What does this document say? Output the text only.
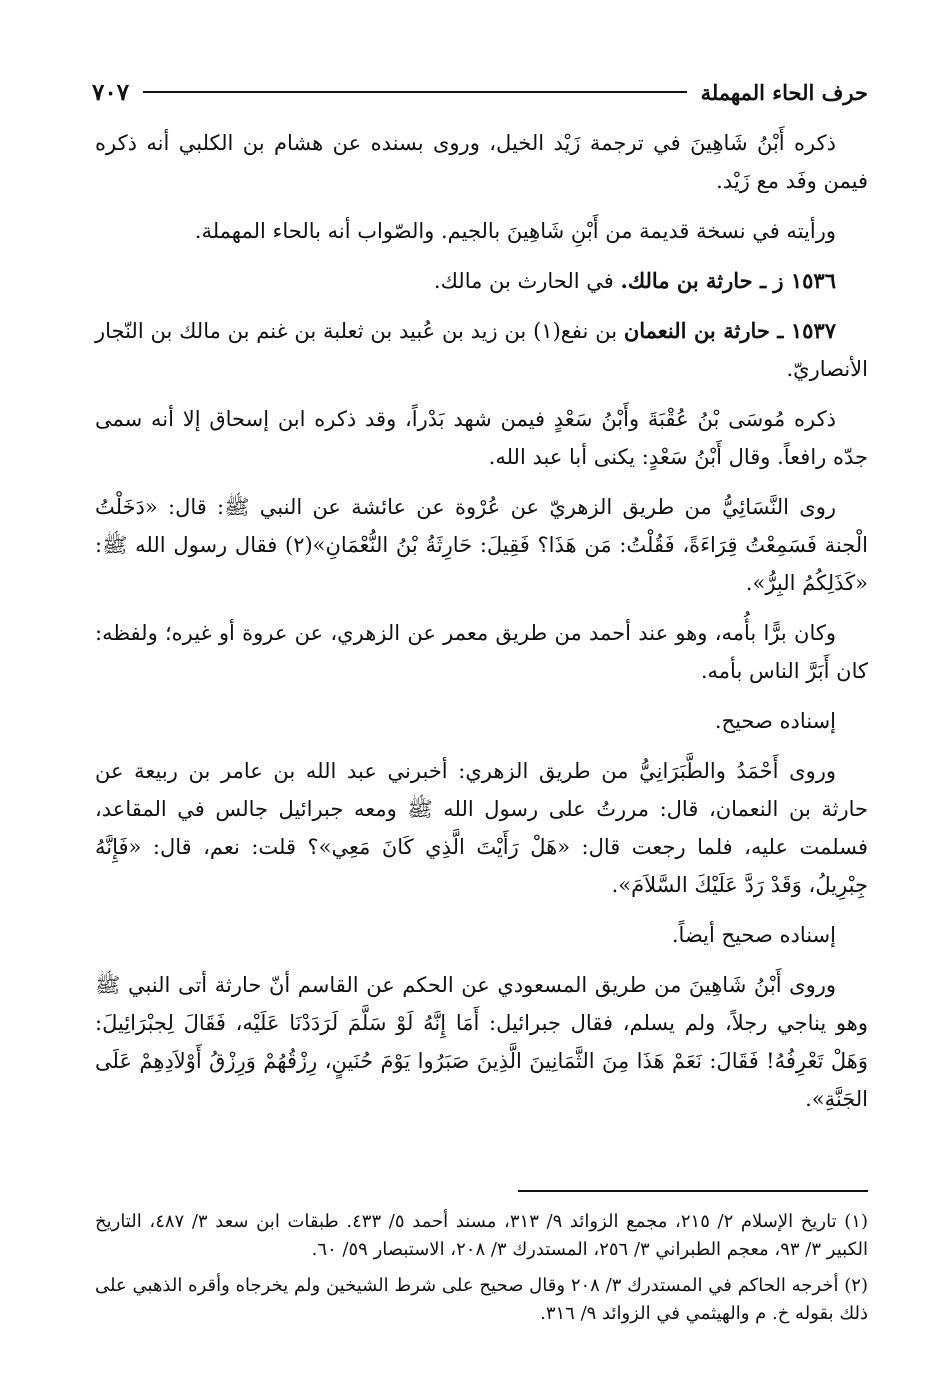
حرف الحاء المهملة
٧٠٧

ذكره أَبْنُ شَاهِينَ في ترجمة زَيْد الخيل، وروى بسنده عن هشام بن الكلبي أنه ذكره فيمن وفَد مع زَيْد.

ورأيته في نسخة قديمة من أَبْنِ شَاهِينَ بالجيم. والصّواب أنه بالحاء المهملة.

١٥٣٦ ز ـ حارثة بن مالك. في الحارث بن مالك.

١٥٣٧ ـ حارثة بن النعمان بن نفع(١) بن زيد بن عُبيد بن ثعلبة بن غنم بن مالك بن النّجار الأنصاريّ.

ذكره مُوسَى بْنُ عُقْبَةَ وأَبْنُ سَعْدٍ فيمن شهد بَدْراً، وقد ذكره ابن إسحاق إلا أنه سمى جدّه رافعاً. وقال أَبْنُ سَعْدٍ: يكنى أبا عبد الله.

روى النَّسَائِيُّ من طريق الزهريّ عن عُرْوة عن عائشة عن النبي ﷺ: قال: «دَخَلْتُ الْجنة فَسَمِعْتُ قِرَاءَةً، فَقُلْتُ: مَن هَذَا؟ فَقِيلَ: حَارِثَةُ بْنُ النُّعْمَانِ»(٢) فقال رسول الله ﷺ: «كَذَلِكُمُ البِرُّ».

وكان برًّا بأُمه، وهو عند أحمد من طريق معمر عن الزهري، عن عروة أو غيره؛ ولفظه: كان أَبَرَّ الناس بأمه.

إسناده صحيح.

وروى أَحْمَدُ والطَّبَرَانِيُّ من طريق الزهري: أخبرني عبد الله بن عامر بن ربيعة عن حارثة بن النعمان، قال: مررتُ على رسول الله ﷺ ومعه جبرائيل جالس في المقاعد، فسلمت عليه، فلما رجعت قال: «هَلْ رَأَيْتَ الَّذِي كَانَ مَعِي»؟ قلت: نعم، قال: «فَإِنَّهُ جِبْرِيلُ، وَقَدْ رَدَّ عَلَيْكَ السَّلاَمَ».

إسناده صحيح أيضاً.

وروى أَبْنُ شَاهِينَ من طريق المسعودي عن الحكم عن القاسم أنّ حارثة أتى النبي ﷺ وهو يناجي رجلاً، ولم يسلم، فقال جبرائيل: أَمَا إِنَّهُ لَوْ سَلَّمَ لَرَدَدْنَا عَلَيْه، فَقَالَ لِجبْرَائِيلَ: وَهَلْ تَعْرِفُهُ! فَقَالَ: نَعَمْ هَذَا مِنَ الثَّمَانِينَ الَّذِينَ صَبَرُوا يَوْمَ حُنَينٍ، رِزْقُهُمْ وَرِزْقُ أَوْلاَدِهِمْ عَلَى الجَنَّةِ».

(١) تاريخ الإسلام ٢/ ٢١٥، مجمع الزوائد ٩/ ٣١٣، مسند أحمد ٥/ ٤٣٣. طبقات ابن سعد ٣/ ٤٨٧، التاريخ الكبير ٣/ ٩٣، معجم الطبراني ٣/ ٢٥٦، المستدرك ٣/ ٢٠٨، الاستبصار ٥٩/ ٦٠.

(٢) أخرجه الحاكم في المستدرك ٣/ ٢٠٨ وقال صحيح على شرط الشيخين ولم يخرجاه وأقره الذهبي على ذلك بقوله خ. م والهيثمي في الزوائد ٩/ ٣١٦.
